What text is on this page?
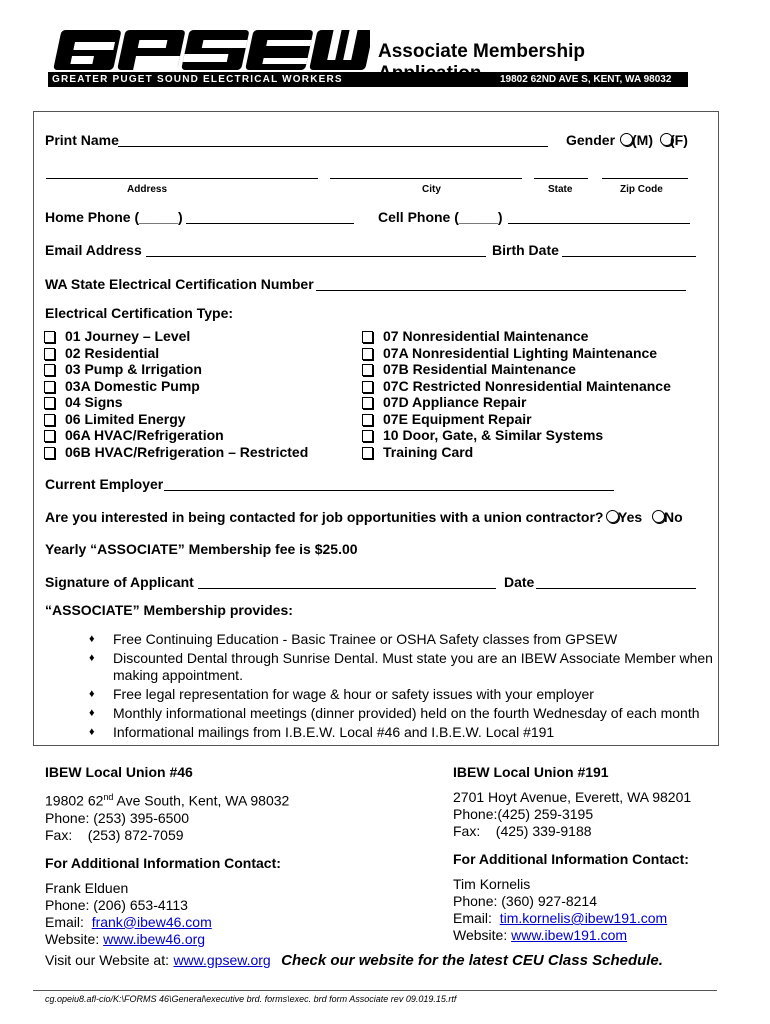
GREATER PUGET SOUND ELECTRICAL WORKERS
Associate Membership Application	19802 62ND AVE S, KENT, WA 98032
Print Name	Gender (M) (F)
Address	City	State	Zip Code
Home Phone (_____)	Cell Phone (_____)
Email Address	Birth Date
WA State Electrical Certification Number
Electrical Certification Type:
01 Journey – Level
02 Residential
03 Pump & Irrigation
03A Domestic Pump
04 Signs
06 Limited Energy
06A HVAC/Refrigeration
06B HVAC/Refrigeration – Restricted
07 Nonresidential Maintenance
07A Nonresidential Lighting Maintenance
07B Residential Maintenance
07C Restricted Nonresidential Maintenance
07D Appliance Repair
07E Equipment Repair
10 Door, Gate, & Similar Systems
Training Card
Current Employer
Are you interested in being contacted for job opportunities with a union contractor? Yes No
Yearly “ASSOCIATE” Membership fee is $25.00
Signature of Applicant	Date
“ASSOCIATE” Membership provides:
♦ Free Continuing Education - Basic Trainee or OSHA Safety classes from GPSEW
♦ Discounted Dental through Sunrise Dental. Must state you are an IBEW Associate Member when making appointment.
♦ Free legal representation for wage & hour or safety issues with your employer
♦ Monthly informational meetings (dinner provided) held on the fourth Wednesday of each month
♦ Informational mailings from I.B.E.W. Local #46 and I.B.E.W. Local #191
IBEW Local Union #46
19802 62nd Ave South, Kent, WA 98032
Phone: (253) 395-6500
Fax:    (253) 872-7059
For Additional Information Contact:
Frank Elduen
Phone: (206) 653-4113
Email: frank@ibew46.com
Website: www.ibew46.org
IBEW Local Union #191
2701 Hoyt Avenue, Everett, WA 98201
Phone:(425) 259-3195
Fax:    (425) 339-9188
For Additional Information Contact:
Tim Kornelis
Phone: (360) 927-8214
Email: tim.kornelis@ibew191.com
Website: www.ibew191.com
Visit our Website at: www.gpsew.org Check our website for the latest CEU Class Schedule.
cg.opeiu8.afl-cio/K:\FORMS 46\General\executive brd. forms\exec. brd form Associate rev 09.019.15.rtf
